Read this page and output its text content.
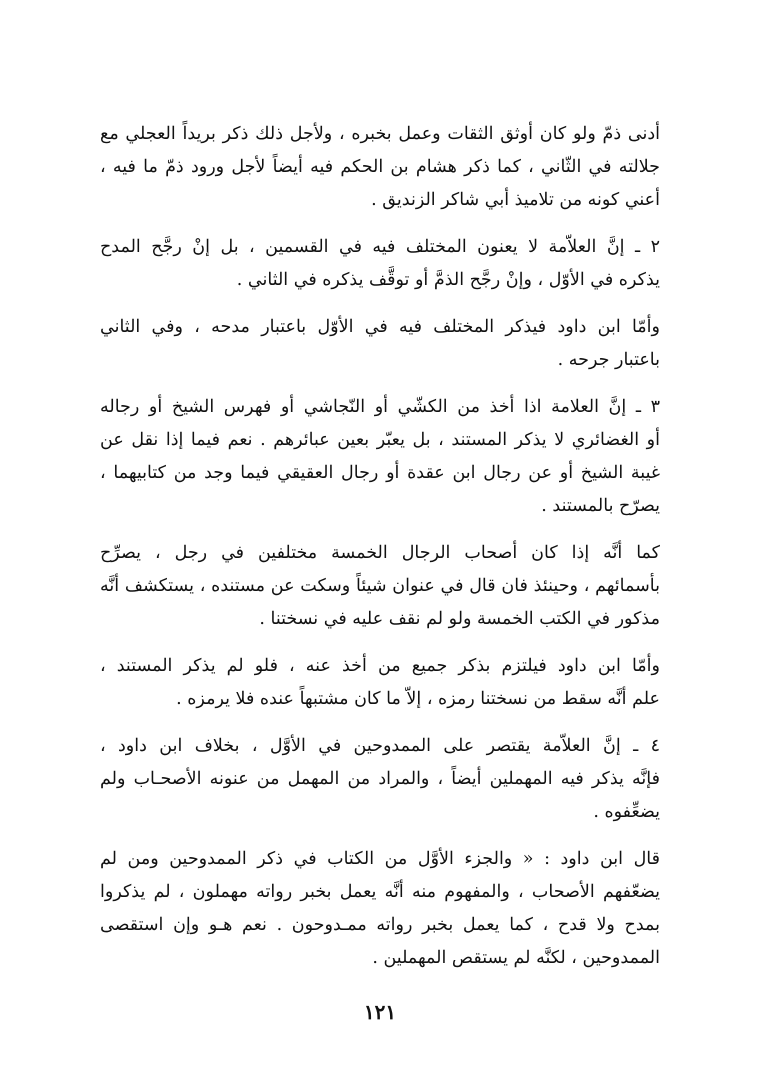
أدنى ذمّ ولو كان أوثق الثقات وعمل بخبره ، ولأجل ذلك ذكر بريداً العجلي مع
جلالته في الثّاني ، كما ذكر هشام بن الحكم فيه أيضاً لأجل ورود ذمّ ما فيه ،
أعني كونه من تلاميذ أبي شاكر الزنديق .
٢ ـ إنَّ العلاّمة لا يعنون المختلف فيه في القسمين ، بل إنْ رجَّح المدح
يذكره في الأوّل ، وإنْ رجَّح الذمَّ أو توقَّف يذكره في الثاني .
وأمّا ابن داود فيذكر المختلف فيه في الأوّل باعتبار مدحه ، وفي الثاني
باعتبار جرحه .
٣ ـ إنَّ العلامة اذا أخذ من الكشّي أو النّجاشي أو فهرس الشيخ أو رجاله
أو الغضائري لا يذكر المستند ، بل يعبّر بعين عبائرهم . نعم فيما إذا نقل عن
غيبة الشيخ أو عن رجال ابن عقدة أو رجال العقيقي فيما وجد من كتابيهما ،
يصرّح بالمستند .
كما أنَّه إذا كان أصحاب الرجال الخمسة مختلفين في رجل ، يصرِّح
بأسمائهم ، وحينئذ فان قال في عنوان شيئاً وسكت عن مستنده ، يستكشف أنَّه
مذكور في الكتب الخمسة ولو لم نقف عليه في نسختنا .
وأمّا ابن داود فيلتزم بذكر جميع من أخذ عنه ، فلو لم يذكر المستند ،
علم أنَّه سقط من نسختنا رمزه ، إلاّ ما كان مشتبهاً عنده فلا يرمزه .
٤ ـ إنَّ العلاّمة يقتصر على الممدوحين في الأوَّل ، بخلاف ابن داود ،
فإنَّه يذكر فيه المهملين أيضاً ، والمراد من المهمل من عنونه الأصحـاب ولم
يضعِّفوه .
قال ابن داود : « والجزء الأوَّل من الكتاب في ذكر الممدوحين ومن لم
يضعّفهم الأصحاب ، والمفهوم منه أنَّه يعمل بخبر رواته مهملون ، لم يذكروا
بمدح ولا قدح ، كما يعمل بخبر رواته ممـدوحون . نعم هـو وإن استقصى
الممدوحين ، لكنَّه لم يستقص المهملين .
١٢١
